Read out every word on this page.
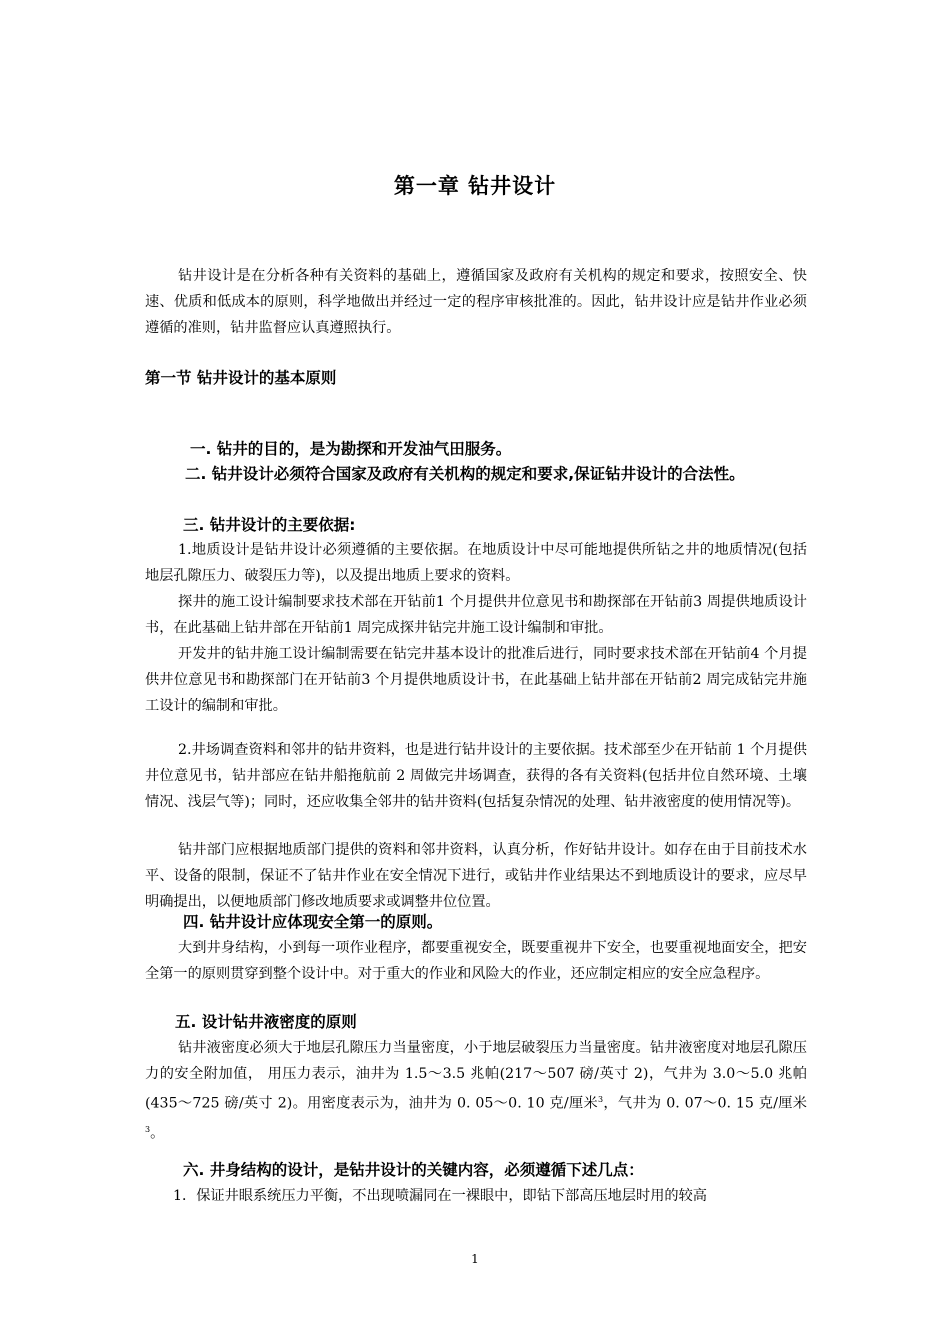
第一章 钻井设计

钻井设计是在分析各种有关资料的基础上，遵循国家及政府有关机构的规定和要求，按照安全、快速、优质和低成本的原则，科学地做出并经过一定的程序审核批准的。因此，钻井设计应是钻井作业必须遵循的准则，钻井监督应认真遵照执行。

第一节 钻井设计的基本原则

一. 钻井的目的，是为勘探和开发油气田服务。

二. 钻井设计必须符合国家及政府有关机构的规定和要求,保证钻井设计的合法性。

三. 钻井设计的主要依据:

1.地质设计是钻井设计必须遵循的主要依据。在地质设计中尽可能地提供所钻之井的地质情况(包括地层孔隙压力、破裂压力等)，以及提出地质上要求的资料。

探井的施工设计编制要求技术部在开钻前1 个月提供井位意见书和勘探部在开钻前3 周提供地质设计书，在此基础上钻井部在开钻前1 周完成探井钻完井施工设计编制和审批。

开发井的钻井施工设计编制需要在钻完井基本设计的批准后进行，同时要求技术部在开钻前4 个月提供井位意见书和勘探部门在开钻前3 个月提供地质设计书，在此基础上钻井部在开钻前2 周完成钻完井施工设计的编制和审批。

2.井场调查资料和邻井的钻井资料，也是进行钻井设计的主要依据。技术部至少在开钻前 1 个月提供井位意见书，钻井部应在钻井船拖航前 2 周做完井场调查，获得的各有关资料(包括井位自然环境、土壤情况、浅层气等)；同时，还应收集全邻井的钻井资料(包括复杂情况的处理、钻井液密度的使用情况等)。

钻井部门应根据地质部门提供的资料和邻井资料，认真分析，作好钻井设计。如存在由于目前技术水平、设备的限制，保证不了钻井作业在安全情况下进行，或钻井作业结果达不到地质设计的要求，应尽早明确提出，以便地质部门修改地质要求或调整井位位置。

四. 钻井设计应体现安全第一的原则。

大到井身结构，小到每一项作业程序，都要重视安全，既要重视井下安全，也要重视地面安全，把安全第一的原则贯穿到整个设计中。对于重大的作业和风险大的作业，还应制定相应的安全应急程序。

五. 设计钻井液密度的原则

钻井液密度必须大于地层孔隙压力当量密度，小于地层破裂压力当量密度。钻井液密度对地层孔隙压力的安全附加值， 用压力表示，油井为 1.5～3.5 兆帕(217～507 磅/英寸 2)，气井为 3.0～5.0 兆帕(435～725 磅/英寸 2)。用密度表示为，油井为 0. 05～0. 10 克/厘米$^3$，气井为 0. 07～0. 15 克/厘米$^3$。

六. 井身结构的设计，是钻井设计的关键内容，必须遵循下述几点：

1．保证井眼系统压力平衡，不出现喷漏同在一裸眼中，即钻下部高压地层时用的较高

1
